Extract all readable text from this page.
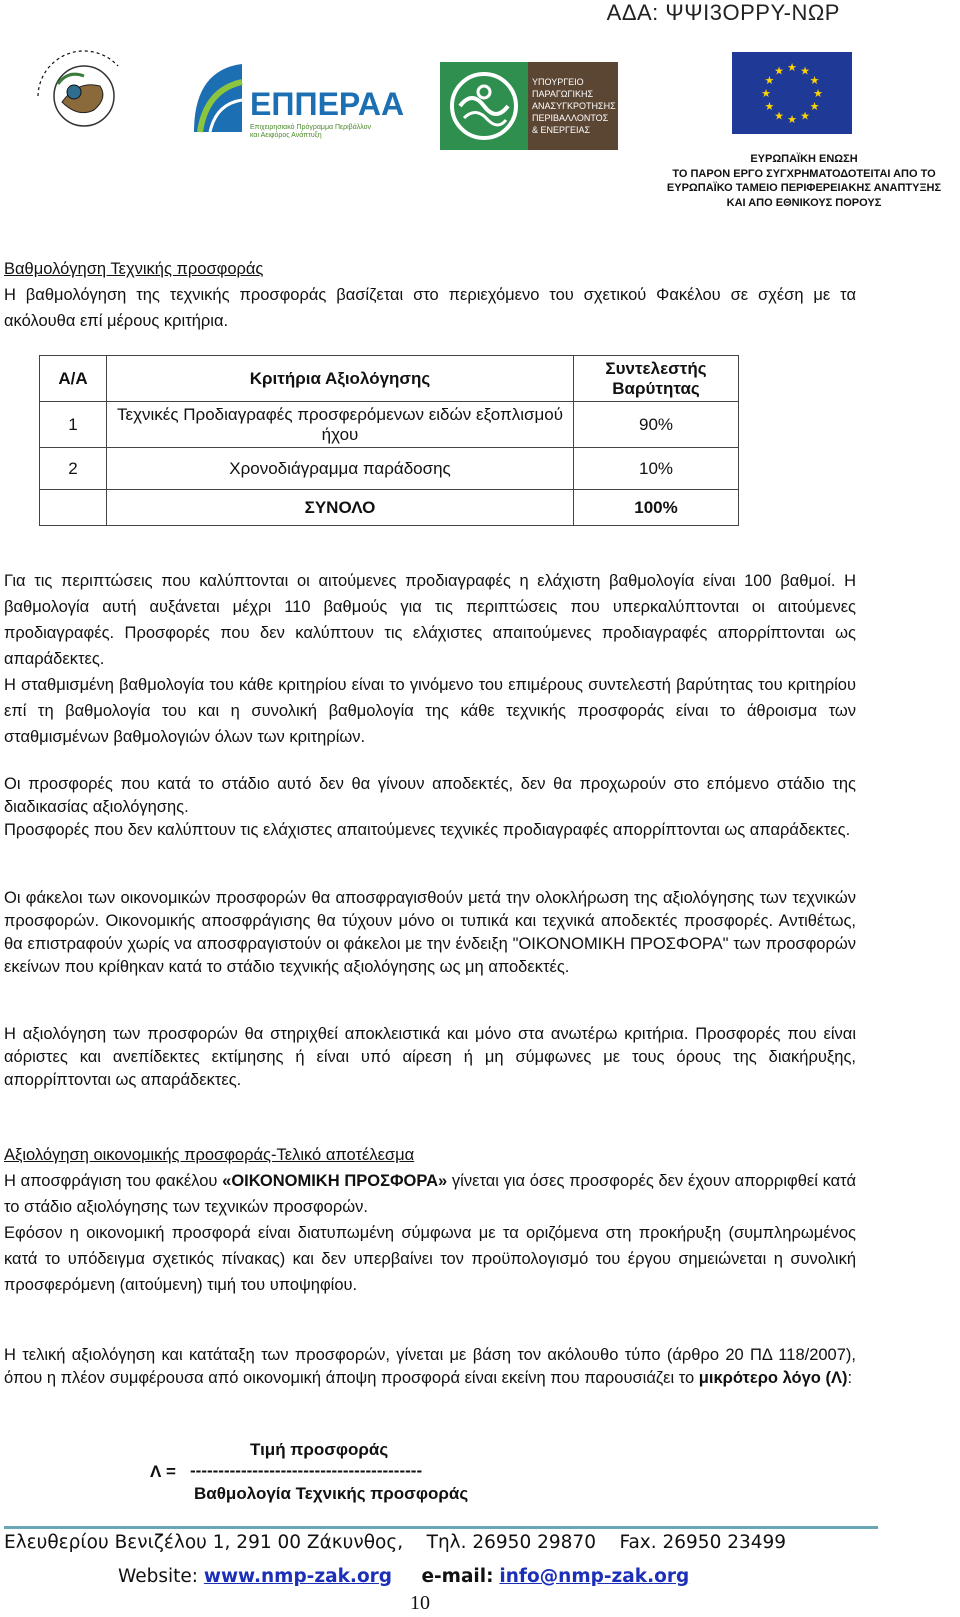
ΑΔΑ: ΨΨΙ3ΟΡΡΥ-ΝΩΡ
ΕΠΠΕΡΑΑ
Επιχειρησιακό Πρόγραμμα Περιβάλλον και Αειφόρος Ανάπτυξη
ΥΠΟΥΡΓΕΙΟ
ΠΑΡΑΓΩΓΙΚΗΣ
ΑΝΑΣΥΓΚΡΟΤΗΣΗΣ
ΠΕΡΙΒΑΛΛΟΝΤΟΣ
& ΕΝΕΡΓΕΙΑΣ
★ ★
★
★
★
★
★
★
★
★
★
★
ΕΥΡΩΠΑΪΚΗ ΕΝΩΣΗ
ΤΟ ΠΑΡΟΝ ΕΡΓΟ ΣΥΓΧΡΗΜΑΤΟΔΟΤΕΙΤΑΙ ΑΠΟ ΤΟ
ΕΥΡΩΠΑΪΚΟ ΤΑΜΕΙΟ ΠΕΡΙΦΕΡΕΙΑΚΗΣ ΑΝΑΠΤΥΞΗΣ
ΚΑΙ ΑΠΟ ΕΘΝΙΚΟΥΣ ΠΟΡΟΥΣ
Βαθμολόγηση Τεχνικής προσφοράς
Η βαθμολόγηση της τεχνικής προσφοράς βασίζεται στο περιεχόμενο του σχετικού Φακέλου σε σχέση με τα ακόλουθα επί μέρους κριτήρια.
Α/Α	Κριτήρια Αξιολόγησης	Συντελεστής Βαρύτητας
1	Τεχνικές Προδιαγραφές προσφερόμενων ειδών εξοπλισμού ήχου	90%
2	Χρονοδιάγραμμα παράδοσης	10%
	ΣΥΝΟΛΟ	100%
Για τις περιπτώσεις που καλύπτονται οι αιτούμενες προδιαγραφές η ελάχιστη βαθμολογία είναι 100 βαθμοί. Η βαθμολογία αυτή αυξάνεται μέχρι 110 βαθμούς για τις περιπτώσεις που υπερκαλύπτονται οι αιτούμενες προδιαγραφές. Προσφορές που δεν καλύπτουν τις ελάχιστες απαιτούμενες προδιαγραφές απορρίπτονται ως απαράδεκτες.
Η σταθμισμένη βαθμολογία του κάθε κριτηρίου είναι το γινόμενο του επιμέρους συντελεστή βαρύτητας του κριτηρίου επί τη βαθμολογία του και η συνολική βαθμολογία της κάθε τεχνικής προσφοράς είναι το άθροισμα των σταθμισμένων βαθμολογιών όλων των κριτηρίων.
Οι προσφορές που κατά το στάδιο αυτό δεν θα γίνουν αποδεκτές, δεν θα προχωρούν στο επόμενο στάδιο της διαδικασίας αξιολόγησης.
Προσφορές που δεν καλύπτουν τις ελάχιστες απαιτούμενες τεχνικές προδιαγραφές απορρίπτονται ως απαράδεκτες.
Οι φάκελοι των οικονομικών προσφορών θα αποσφραγισθούν μετά την ολοκλήρωση της αξιολόγησης των τεχνικών προσφορών. Οικονομικής αποσφράγισης θα τύχουν μόνο οι τυπικά και τεχνικά αποδεκτές προσφορές. Αντιθέτως, θα επιστραφούν χωρίς να αποσφραγιστούν οι φάκελοι με την ένδειξη "ΟΙΚΟΝΟΜΙΚΗ ΠΡΟΣΦΟΡΑ" των προσφορών εκείνων που κρίθηκαν κατά το στάδιο τεχνικής αξιολόγησης ως μη αποδεκτές.
Η αξιολόγηση των προσφορών θα στηριχθεί αποκλειστικά και μόνο στα ανωτέρω κριτήρια. Προσφορές που είναι αόριστες και ανεπίδεκτες εκτίμησης ή είναι υπό αίρεση ή μη σύμφωνες με τους όρους της διακήρυξης, απορρίπτονται ως απαράδεκτες.
Αξιολόγηση οικονομικής προσφοράς-Τελικό αποτέλεσμα
Η αποσφράγιση του φακέλου «ΟΙΚΟΝΟΜΙΚΗ ΠΡΟΣΦΟΡΑ» γίνεται για όσες προσφορές δεν έχουν απορριφθεί κατά το στάδιο αξιολόγησης των τεχνικών προσφορών.
Εφόσον η οικονομική προσφορά είναι διατυπωμένη σύμφωνα με τα οριζόμενα στη προκήρυξη (συμπληρωμένος κατά το υπόδειγμα σχετικός πίνακας) και δεν υπερβαίνει τον προϋπολογισμό του έργου σημειώνεται η συνολική προσφερόμενη (αιτούμενη) τιμή του υποψηφίου.
Η τελική αξιολόγηση και κατάταξη των προσφορών, γίνεται με βάση τον ακόλουθο τύπο (άρθρο 20 ΠΔ 118/2007), όπου η πλέον συμφέρουσα από οικονομική άποψη προσφορά είναι εκείνη που παρουσιάζει το μικρότερο λόγο (Λ):
Τιμή προσφοράς
Λ = -----------------------------------------
Βαθμολογία Τεχνικής προσφοράς
Ελευθερίου Βενιζέλου 1, 291 00 Ζάκυνθος, Τηλ. 26950 29870 Fax. 26950 23499
Website: www.nmp-zak.org e-mail: info@nmp-zak.org
10
